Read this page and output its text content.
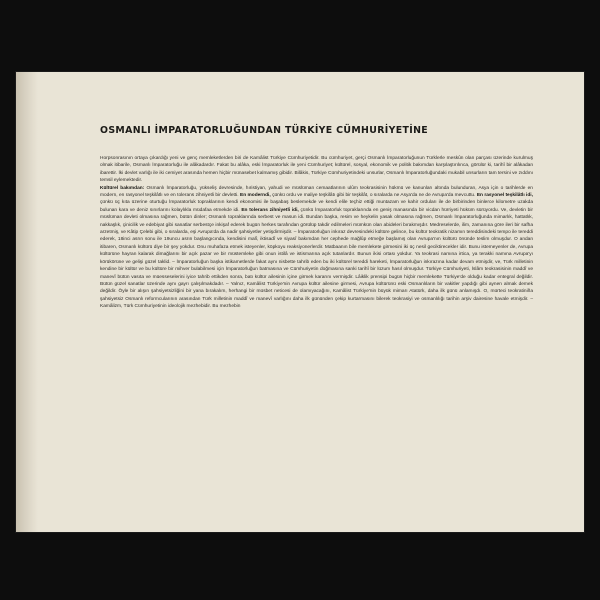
OSMANLI İMPARATORLUĞUNDAN TÜRKİYE CÜMHURİYETİNE

Horpsonrasının ortaya çıkardığı yeni ve genç memleketlerden biri de Kamâlist Türkiye Cümhuriyetidir. Bu cümhuriyet, gerçi Osmanlı İmparatorluğunun Türklerle meskûn olan parçası üzerinde kurulmuş olmak itibarile, Osmanlı İmparatorluğu ile alâkadardır. Fakat bu alâka, eski İmparatorluk ile yeni Cümhuriyet; kültürel, sosyal, ekonomik ve politik bakımdan karşılaştırılınca, görülür ki, tarihî bir alâkadan ibarettir. İki devlet varlığı ile iki cemiyet arasında hemen hiçbir münasebet kalmamış gibidir. Bilâkis, Türkiye Cümhuriyetindeki unsurlar, Osmanlı İmparatorluğundaki mukabil unsurların tam tersini ve zıddını temsil eylemektedir.

Kültürel bakımdan: Osmanlı İmparatorluğu, yükseliş devresinde, hıristiyan, yahudi ve müslüman cemaatlarının ulûm teokrasisinin hükmü ve kanunları altında bulunduran, Asya için o tarihlerde en modern, en rasyonel teşkilâtlı ve en tolerans zihniyetli bir devletti. En moderndi, çünkü ordu ve maliye teşkilâtı gibi bir teşkilât, o sıralarda ne Asya'da ne de Avrupa'da mevcuttu. En rasyonel teşkilâtlı idi, çünkü üç kıta üzerine oturtuğu İmparatorluk topraklarının kendi ekonomisi ile başabaş beslemekde ve kendi elile teçhiz ettiği muntazam ve kahir orduları ile de birbirinden binlerce kilometre uzakda bulunan kara ve deniz sınırlarını kolaylıkla müdafaa etmekde idi. En tolerans zihniyetli idi, çünkü İmparatorluk topraklarında en geniş manasında bir vicdan hürriyeti hüküm sürüyordu. Ve, devletin bir müslüman devleti olmasına rağmen, bütün dinler; Osmanlı topraklarında serbest ve masun idi. Bundan başka, resim ve heykelin yasak olmasına rağmen, Osmanlı İmparatorluğunda mimarlık, hattatlık, nakkaşlık, çinicilik ve edebiyat gibi sanatlar serbestçe inkişaf ederek bugün herkes tarafından görülüp takdir edilmeleri mümkün olan abideleri bırakmışdır. Medreselerde, ilim, zamanına göre ileri bir safha arzetmiş, ve Kâtip Çelebi gibi, o sıralarda, eşi Avrupa'da da nadir şahsiyetler yetişdirmişdir. – İmparatorluğun inkıraz devresindeki kültüre gelince, bu kültür teokratik nizamın tereddisindeki tempo ile tereddi ederek, 18inci asrın sonu ile 19uncu asrın başlangıcında, kendisini malî, iktisadî ve siyasî bakımdan her cephede mağlûp etmeğe başlamış olan Avrupa'nın kültürü önünde teslim olmuşdur. O andan itibaren, Osmanlı kültürü diye bir şey yokdur. Onu muhafaza etmek isteyenler, köpkoyu reaksiyonerlerdir. Matbaanın bile memlekete girmesini iki üç nesil geciktirecekler idir. Bunu istemeyenler de, Avrupa kültürüne hayran kalarak dimağlarını bir açık pazar ve bir müstemleke gibi onun istilâ ve istismarına açık tutanlardır. Bunun ikisi ortası yokdur. Ya teokrasi namına irtica, ya terakki namına Avrupa'yı körükörüne ve gelişi güzel taklid. – İmparatorluğun başka istikametlerde fakat aynı nisbette tahrib eden bu iki kültürel tereddi hareketi, İmparatorluğun inkırazına kadar devam etmişdir, ve, Türk milletinin kendine bir kültür ve bu kültüre bir mihver bulabilmesi için İmparatorluğun batmasına ve Cümhuriyetin doğmasına sanki tarihî bir lüzum hasıl olmuşdur. Türkiye Cümhuriyeti, İslâm teokrasisinin maddî ve manevî bütün vasıta ve müesseselerini iyice tahrib ettikden sonra, batı kültür ailesinin içine girmek kararını vermişdir. Lâiklik prensipi bugün hiçbir memlekette Türkiye'de olduğu kadar entegral değildir. Bütün güzel sanatlar üzerinde aynı gayrı çalışılmakdadır. – Yalnız, Kamâlist Türkiye'nin Avrupa kültür ailesine girmesi, Avrupa kültürünü eski Osmanlıların bir vakitler yapdığı gibi aynen almak demek değildir. Öyle bir alışın şahsiyetsizliğini bir yana bırakalım, herhangi bir müsbet neticesi de olamıyacağını, Kamâlist Türkiye'nin büyük mimarı Atatürk, daha ilk günü anlamışdı. O, mürteci teokratiniña şahsiyetsiz Osmanlı reformcularının arasından Türk milletinin maddî ve manevî varlığını daha ilk gününden çekip kurtarmasını bilerek teokrasiyi ve osmanlılığı tarihin arşiv dairesine havale etmişdir. – Kamâlizm, Türk Cümhuriyetinin ideolojik mezhebidir. Bu mezhebin
